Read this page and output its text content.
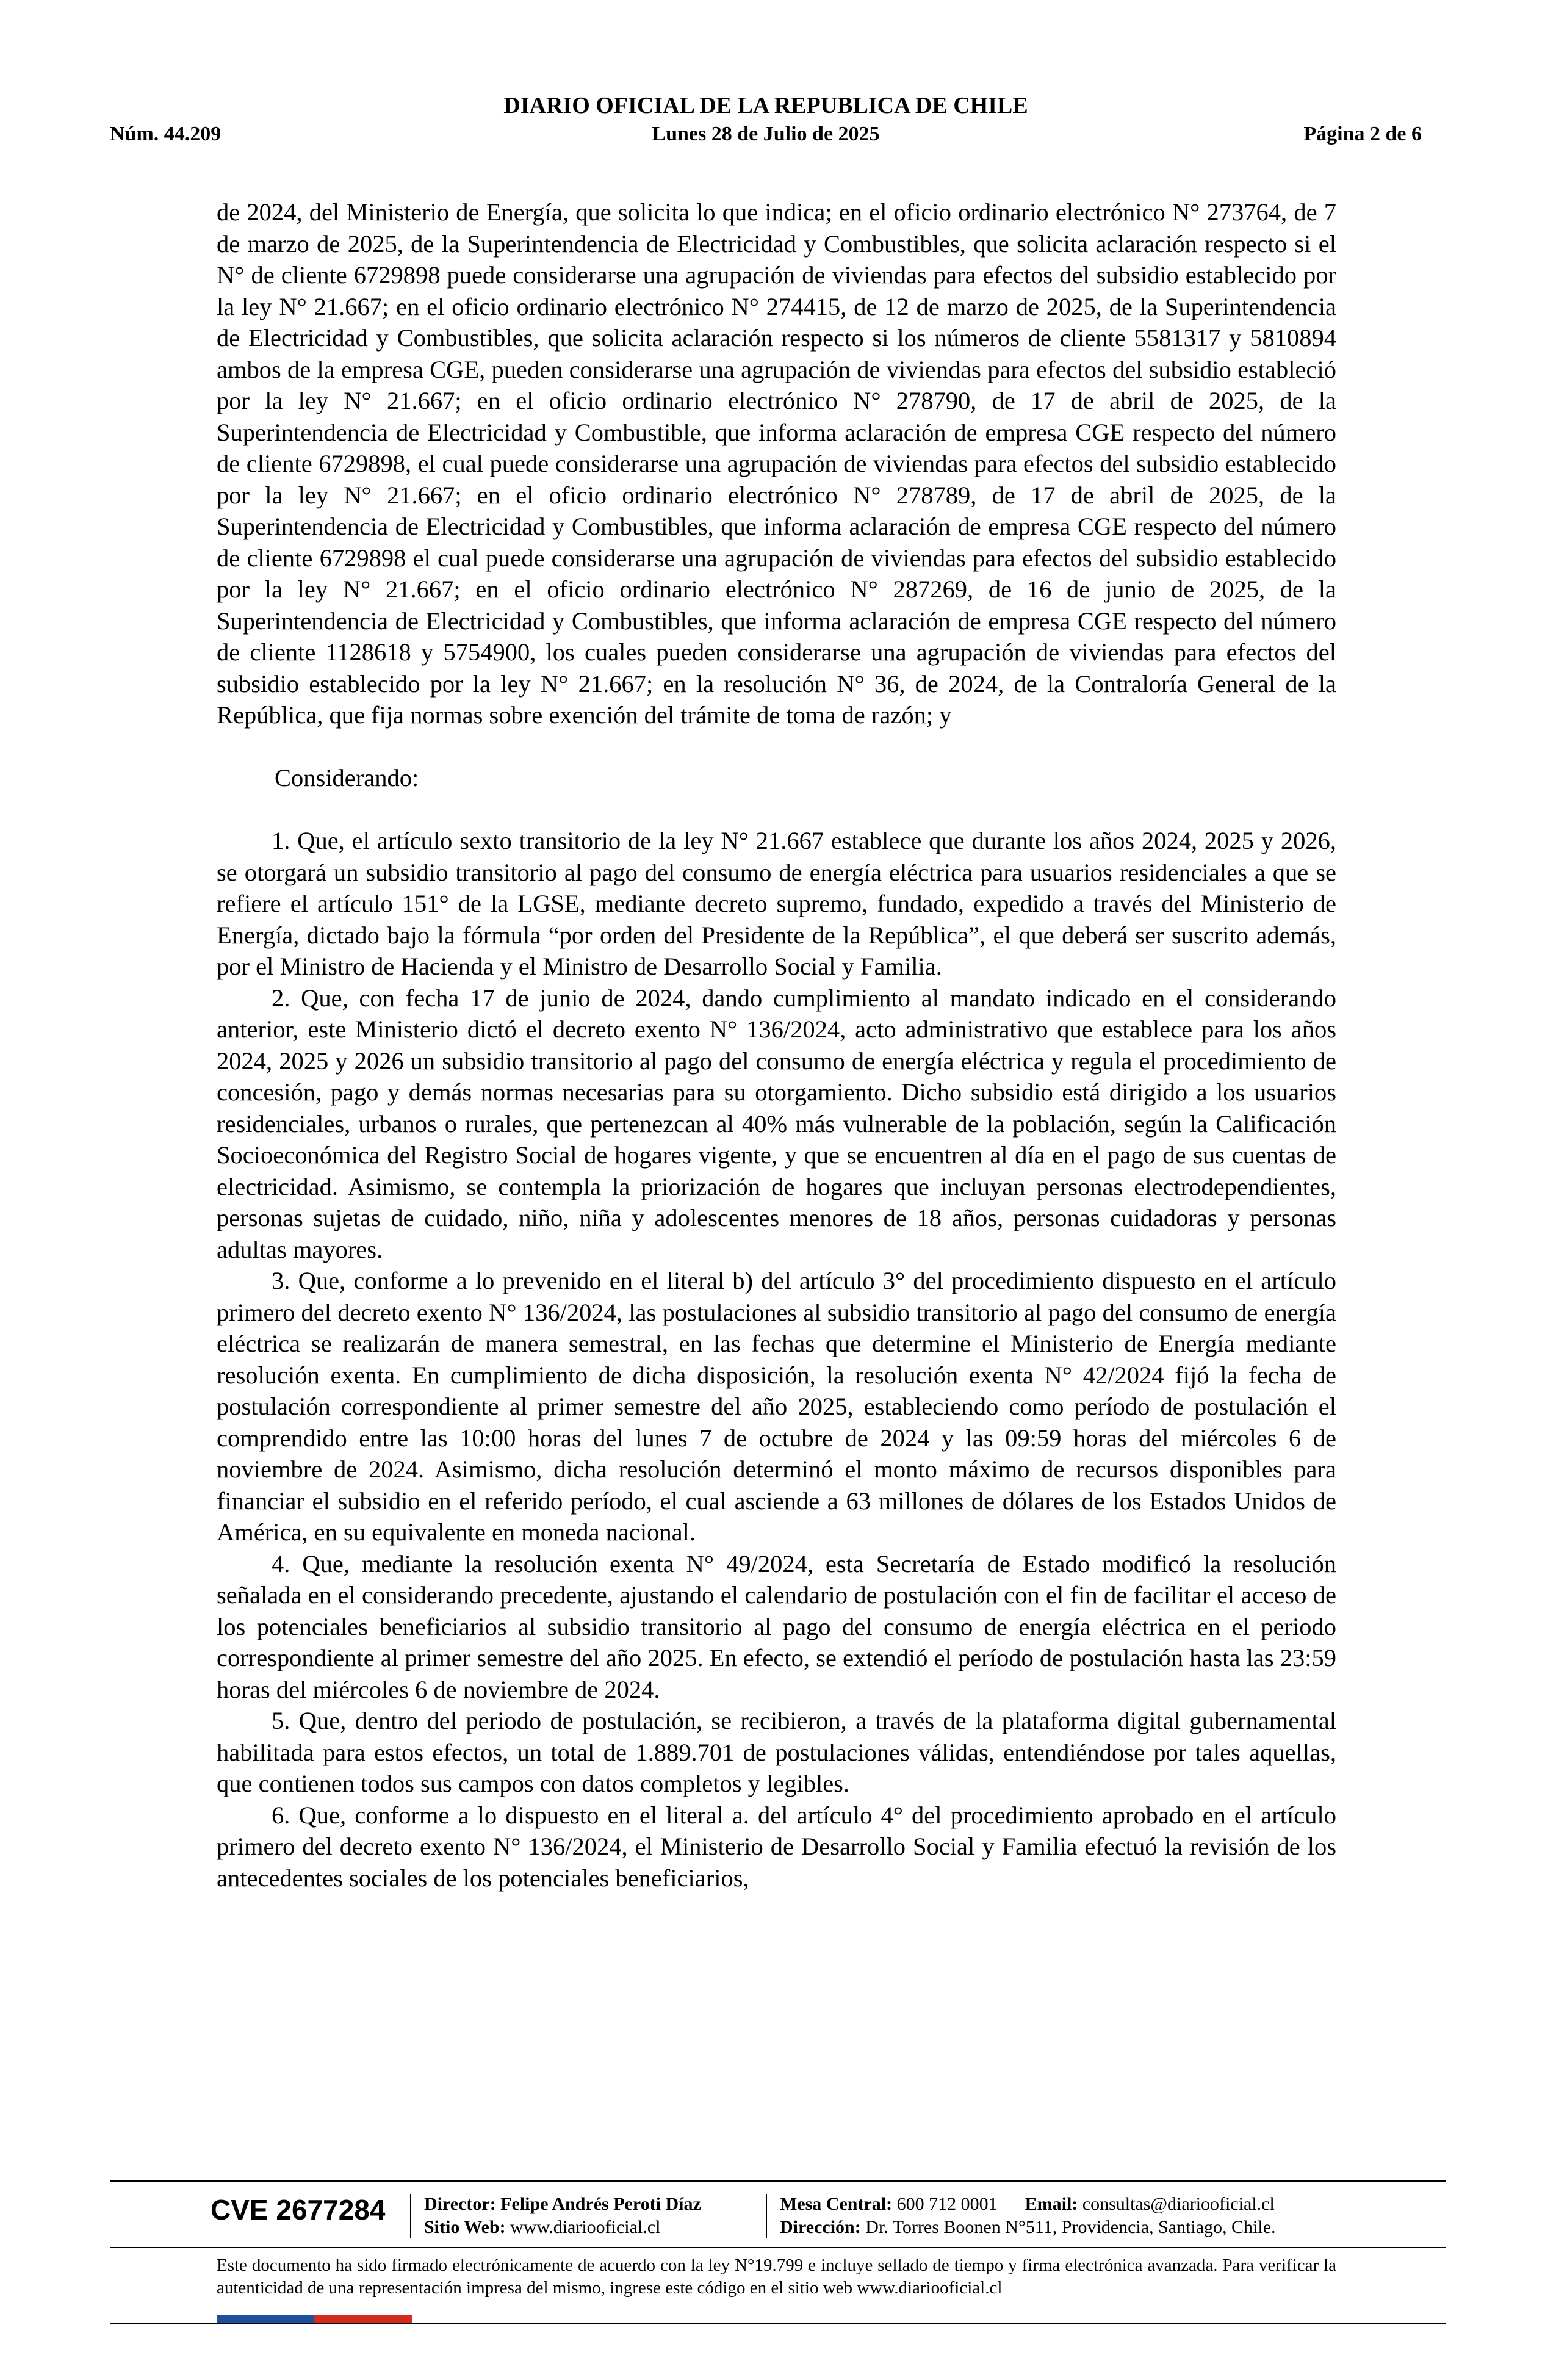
DIARIO OFICIAL DE LA REPUBLICA DE CHILE
Núm. 44.209	Lunes 28 de Julio de 2025	Página 2 de 6

de 2024, del Ministerio de Energía, que solicita lo que indica; en el oficio ordinario electrónico N° 273764, de 7 de marzo de 2025, de la Superintendencia de Electricidad y Combustibles, que solicita aclaración respecto si el N° de cliente 6729898 puede considerarse una agrupación de viviendas para efectos del subsidio establecido por la ley N° 21.667; en el oficio ordinario electrónico N° 274415, de 12 de marzo de 2025, de la Superintendencia de Electricidad y Combustibles, que solicita aclaración respecto si los números de cliente 5581317 y 5810894 ambos de la empresa CGE, pueden considerarse una agrupación de viviendas para efectos del subsidio estableció por la ley N° 21.667; en el oficio ordinario electrónico N° 278790, de 17 de abril de 2025, de la Superintendencia de Electricidad y Combustible, que informa aclaración de empresa CGE respecto del número de cliente 6729898, el cual puede considerarse una agrupación de viviendas para efectos del subsidio establecido por la ley N° 21.667; en el oficio ordinario electrónico N° 278789, de 17 de abril de 2025, de la Superintendencia de Electricidad y Combustibles, que informa aclaración de empresa CGE respecto del número de cliente 6729898 el cual puede considerarse una agrupación de viviendas para efectos del subsidio establecido por la ley N° 21.667; en el oficio ordinario electrónico N° 287269, de 16 de junio de 2025, de la Superintendencia de Electricidad y Combustibles, que informa aclaración de empresa CGE respecto del número de cliente 1128618 y 5754900, los cuales pueden considerarse una agrupación de viviendas para efectos del subsidio establecido por la ley N° 21.667; en la resolución N° 36, de 2024, de la Contraloría General de la República, que fija normas sobre exención del trámite de toma de razón; y

Considerando:

1. Que, el artículo sexto transitorio de la ley N° 21.667 establece que durante los años 2024, 2025 y 2026, se otorgará un subsidio transitorio al pago del consumo de energía eléctrica para usuarios residenciales a que se refiere el artículo 151° de la LGSE, mediante decreto supremo, fundado, expedido a través del Ministerio de Energía, dictado bajo la fórmula “por orden del Presidente de la República”, el que deberá ser suscrito además, por el Ministro de Hacienda y el Ministro de Desarrollo Social y Familia.

2. Que, con fecha 17 de junio de 2024, dando cumplimiento al mandato indicado en el considerando anterior, este Ministerio dictó el decreto exento N° 136/2024, acto administrativo que establece para los años 2024, 2025 y 2026 un subsidio transitorio al pago del consumo de energía eléctrica y regula el procedimiento de concesión, pago y demás normas necesarias para su otorgamiento. Dicho subsidio está dirigido a los usuarios residenciales, urbanos o rurales, que pertenezcan al 40% más vulnerable de la población, según la Calificación Socioeconómica del Registro Social de hogares vigente, y que se encuentren al día en el pago de sus cuentas de electricidad. Asimismo, se contempla la priorización de hogares que incluyan personas electrodependientes, personas sujetas de cuidado, niño, niña y adolescentes menores de 18 años, personas cuidadoras y personas adultas mayores.

3. Que, conforme a lo prevenido en el literal b) del artículo 3° del procedimiento dispuesto en el artículo primero del decreto exento N° 136/2024, las postulaciones al subsidio transitorio al pago del consumo de energía eléctrica se realizarán de manera semestral, en las fechas que determine el Ministerio de Energía mediante resolución exenta. En cumplimiento de dicha disposición, la resolución exenta N° 42/2024 fijó la fecha de postulación correspondiente al primer semestre del año 2025, estableciendo como período de postulación el comprendido entre las 10:00 horas del lunes 7 de octubre de 2024 y las 09:59 horas del miércoles 6 de noviembre de 2024. Asimismo, dicha resolución determinó el monto máximo de recursos disponibles para financiar el subsidio en el referido período, el cual asciende a 63 millones de dólares de los Estados Unidos de América, en su equivalente en moneda nacional.

4. Que, mediante la resolución exenta N° 49/2024, esta Secretaría de Estado modificó la resolución señalada en el considerando precedente, ajustando el calendario de postulación con el fin de facilitar el acceso de los potenciales beneficiarios al subsidio transitorio al pago del consumo de energía eléctrica en el periodo correspondiente al primer semestre del año 2025. En efecto, se extendió el período de postulación hasta las 23:59 horas del miércoles 6 de noviembre de 2024.

5. Que, dentro del periodo de postulación, se recibieron, a través de la plataforma digital gubernamental habilitada para estos efectos, un total de 1.889.701 de postulaciones válidas, entendiéndose por tales aquellas, que contienen todos sus campos con datos completos y legibles.

6. Que, conforme a lo dispuesto en el literal a. del artículo 4° del procedimiento aprobado en el artículo primero del decreto exento N° 136/2024, el Ministerio de Desarrollo Social y Familia efectuó la revisión de los antecedentes sociales de los potenciales beneficiarios,

CVE 2677284 Director: Felipe Andrés Peroti Díaz
Sitio Web: www.diariooficial.cl
Mesa Central: 600 712 0001 Email: consultas@diariooficial.cl
Dirección: Dr. Torres Boonen N°511, Providencia, Santiago, Chile.
Este documento ha sido firmado electrónicamente de acuerdo con la ley N°19.799 e incluye sellado de tiempo y firma electrónica avanzada. Para verificar la autenticidad de una representación impresa del mismo, ingrese este código en el sitio web www.diariooficial.cl
